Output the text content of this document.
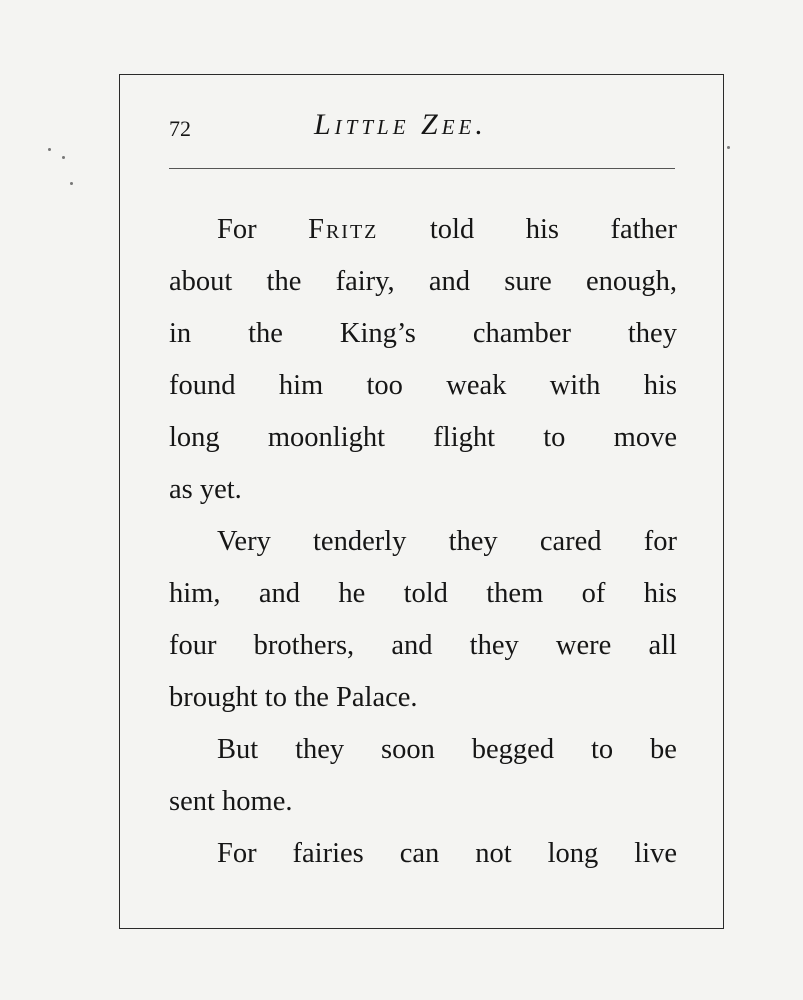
72	Little Zee.
For Fritz told his father
about the fairy, and sure enough,
in the King’s chamber they
found him too weak with his
long moonlight flight to move
as yet.
Very tenderly they cared for
him, and he told them of his
four brothers, and they were all
brought to the Palace.
But they soon begged to be
sent home.
For fairies can not long live
